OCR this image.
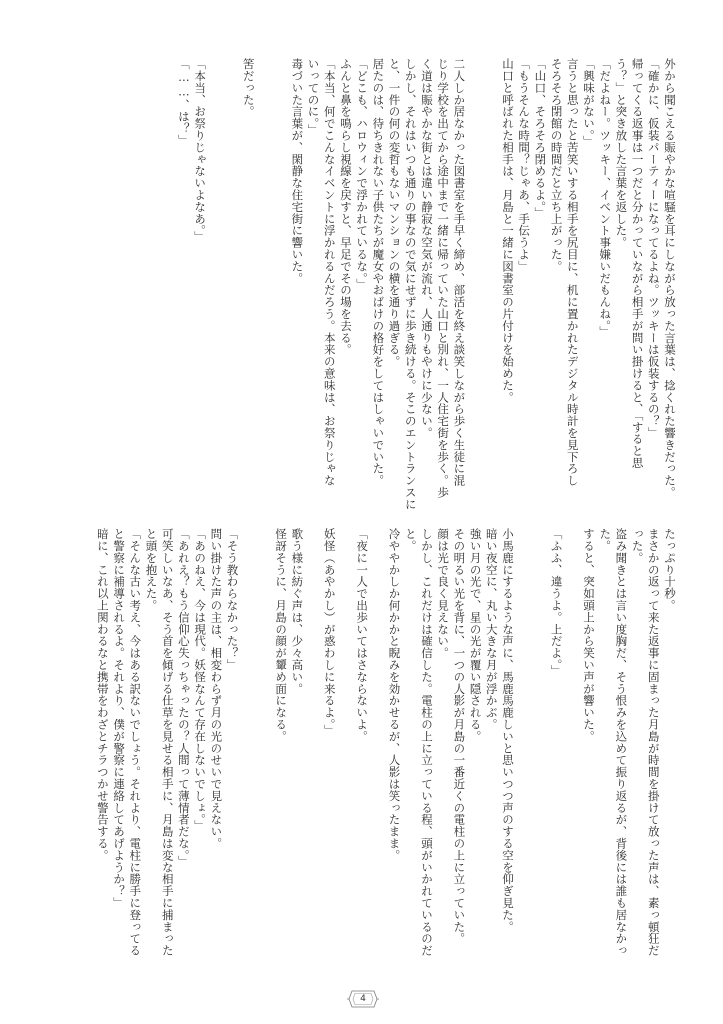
外から聞こえる賑やかな喧騒を耳にしながら放った言葉は、捻くれた響きだった。

「確かに、仮装パーティーになってるよね。ツッキーは仮装するの？」

帰ってくる返事は一つだと分かっていながら相手が問い掛けると、「すると思

う？」と突き放した言葉を返した。

「だよねー。ツッキー、イベント事嫌いだもんね。」

「興味がない。」

言うと思ったと苦笑いする相手を尻目に、机に置かれたデジタル時計を見下ろし

そろそろ閉館の時間だと立ち上がった。

「山口、そろそろ閉めるよ。」

「もうそんな時間？じゃあ、手伝うよ」

山口と呼ばれた相手は、月島と一緒に図書室の片付けを始めた。

二人しか居なかった図書室を手早く締め、部活を終え談笑しながら歩く生徒に混

じり学校を出てから途中まで一緒に帰っていた山口と別れ、一人住宅街を歩く。歩

く道は賑やかな街とは違い静寂な空気が流れ、人通りもやけに少ない。

しかし、それはいつも通りの事なので気にせずに歩き続ける。そこのエントランスに

と、一件の何の変哲もないマンションの横を通り過ぎる。

居たのは、待ちきれない子供たちが魔女やおばけの格好をしてはしゃいでいた。

「どこも、ハロウィンで浮かれているな。」

ふんと鼻を鳴らし視線を戻すと、早足でその場を去る。

「本当、何でこんなイベントに浮かれるんだろう。本来の意味は、お祭りじゃな

いってのに。」

毒づいた言葉が、閑静な住宅街に響いた。

筈だった。

「本当、お祭りじゃないよなあ。」

「……、は？」

たっぷり十秒。

まさかの返って来た返事に固まった月島が時間を掛けて放った声は、素っ頓狂だ

った。

盗み聞きとは言い度胸だ、そう恨みを込めて振り返るが、背後には誰も居なかっ

た。

すると、突如頭上から笑い声が響いた。

「ふふ、違うよ。上だよ。」

小馬鹿にするような声に、馬鹿馬鹿しいと思いつつ声のする空を仰ぎ見た。

暗い夜空に、丸い大きな月が浮かぶ。

強い月の光で、星の光が覆い隠される。

その明るい光を背に、一つの人影が月島の一番近くの電柱の上に立っていた。

顔は光で良く見えない。

しかし、これだけは確信した。電柱の上に立っている程、頭がいかれているのだ

と。

冷ややかしか何かかと睨みを効かせるが、人影は笑ったまま。

「夜に一人で出歩いてはさならないよ。

妖怪（あやかし）が惑わしに来るよ。」

歌う様に紡ぐ声は、少々高い。

怪訝そうに、月島の顔が顰め面になる。

「そう教わらなかった？」

問い掛けた声の主は、相変わらず月の光のせいで見えない。

「あのねえ、今は現代。妖怪なんて存在しないでしょ。」

「あれえ？もう信仰心失っちゃったの？人間って薄情者だな。」

可笑しいなあ、そう首を傾げる仕草を見せる相手に、月島は変な相手に捕まった

と頭を抱えた。

「そんな古い考え、今はある訳ないでしょう。それより、電柱に勝手に登ってる

と警察に補導されるよ。それより、僕が警察に連絡してあげようか？」

暗に、これ以上関わるなと携帯をわざとチラつかせ警告する。

4
